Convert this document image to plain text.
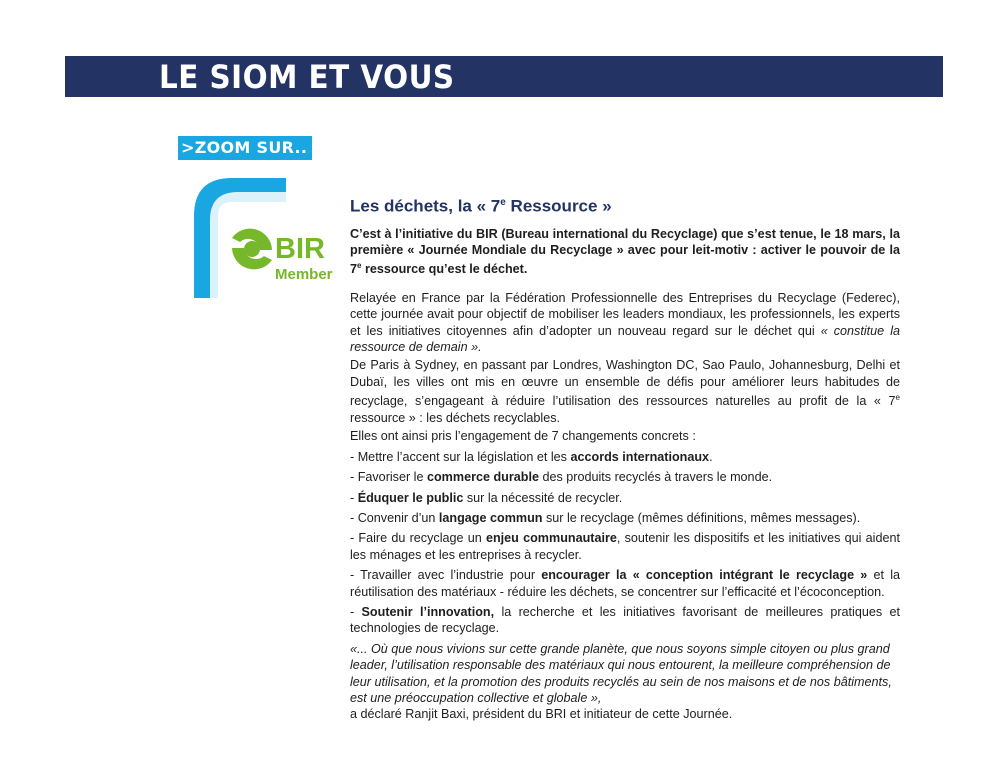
LE SIOM ET VOUS
>ZOOM SUR..
BIR
Member
Les déchets, la « 7e Ressource »

C’est à l’initiative du BIR (Bureau international du Recyclage) que s’est tenue, le 18 mars, la première « Journée Mondiale du Recyclage » avec pour leit-motiv : activer le pouvoir de la 7e ressource qu’est le déchet.

Relayée en France par la Fédération Professionnelle des Entreprises du Recyclage (Federec), cette journée avait pour objectif de mobiliser les leaders mondiaux, les professionnels, les experts et les initiatives citoyennes afin d’adopter un nouveau regard sur le déchet qui « constitue la ressource de demain ».

De Paris à Sydney, en passant par Londres, Washington DC, Sao Paulo, Johannesburg, Delhi et Dubaï, les villes ont mis en œuvre un ensemble de défis pour améliorer leurs habitudes de recyclage, s’engageant à réduire l’utilisation des ressources naturelles au profit de la « 7e ressource » : les déchets recyclables.

Elles ont ainsi pris l’engagement de 7 changements concrets :

- Mettre l’accent sur la législation et les accords internationaux.

- Favoriser le commerce durable des produits recyclés à travers le monde.

- Éduquer le public sur la nécessité de recycler.

- Convenir d’un langage commun sur le recyclage (mêmes définitions, mêmes messages).

- Faire du recyclage un enjeu communautaire, soutenir les dispositifs et les initiatives qui aident les ménages et les entreprises à recycler.

- Travailler avec l’industrie pour encourager la « conception intégrant le recyclage » et la réutilisation des matériaux - réduire les déchets, se concentrer sur l’efficacité et l’écoconception.

- Soutenir l’innovation, la recherche et les initiatives favorisant de meilleures pratiques et technologies de recyclage.

«... Où que nous vivions sur cette grande planète, que nous soyons simple citoyen ou plus grand leader, l’utilisation responsable des matériaux qui nous entourent, la meilleure compréhension de leur utilisation, et la promotion des produits recyclés au sein de nos maisons et de nos bâtiments, est une préoccupation collective et globale »,

a déclaré Ranjit Baxi, président du BRI et initiateur de cette Journée.
